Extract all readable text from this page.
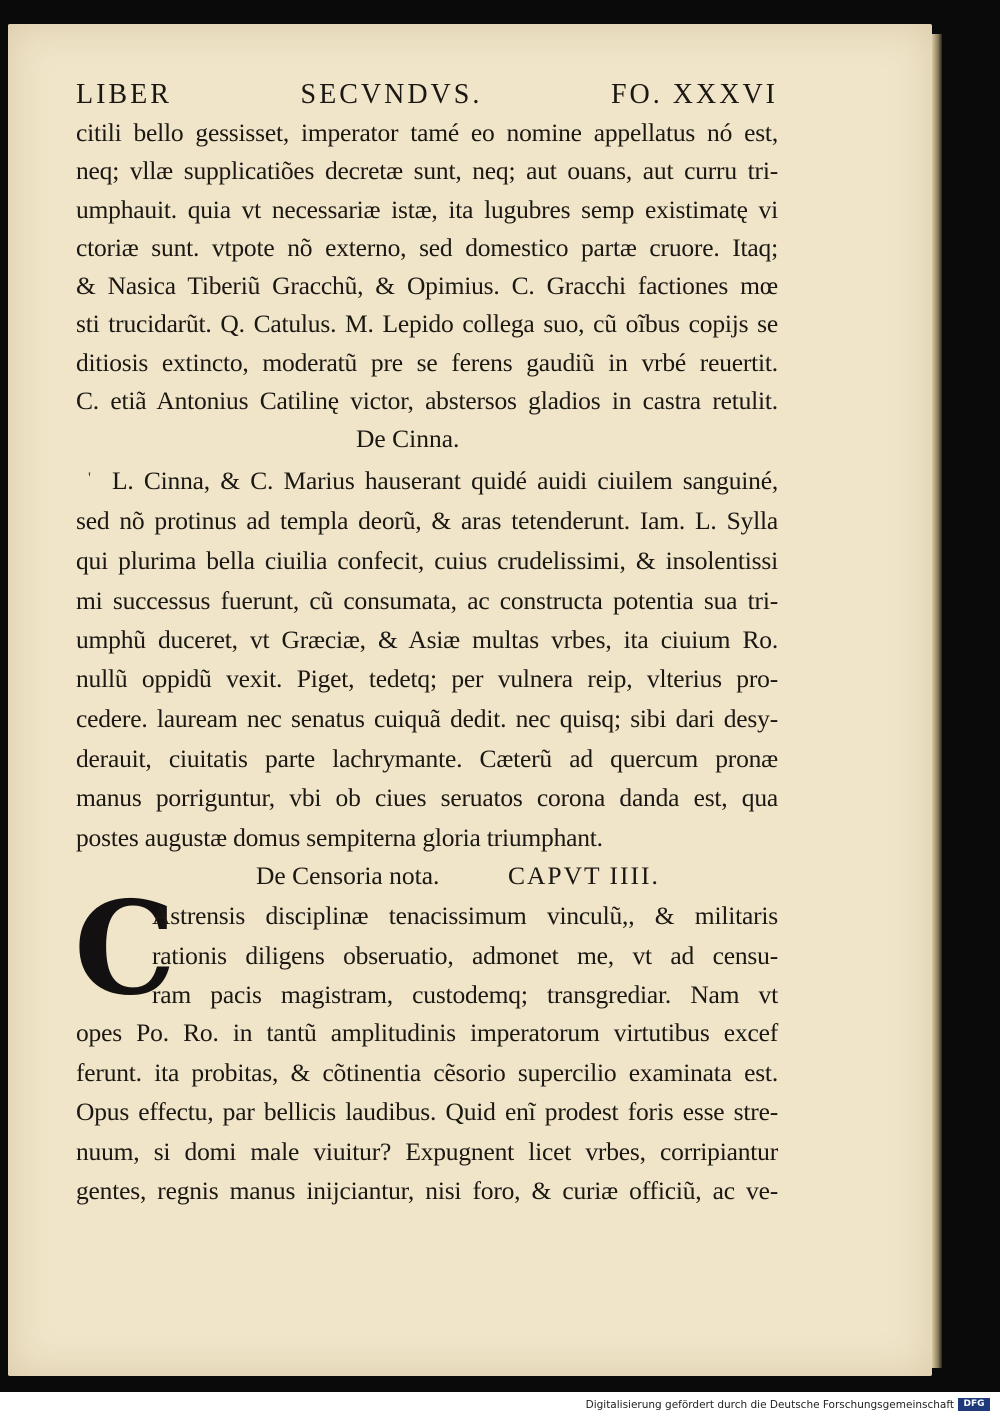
LIBER	SECVNDVS.	FO. XXXVI
citili bello gessisset, imperator tamé eo nomine appellatus nó est,
neq; vllæ supplicatiões decretæ sunt, neq; aut ouans, aut curru tri-
umphauit. quia vt necessariæ istæ, ita lugubres semp existimatę vi
ctoriæ sunt. vtpote nõ externo, sed domestico partæ cruore. Itaq;
& Nasica Tiberiũ Gracchũ, & Opimius. C. Gracchi factiones mœ
sti trucidarũt. Q. Catulus. M. Lepido collega suo, cũ oĩbus copijs se
ditiosis extincto, moderatũ pre se ferens gaudiũ in vrbé reuertit.
C. etiã Antonius Catilinę victor, abstersos gladios in castra retulit.
De Cinna.
' L. Cinna, & C. Marius hauserant quidé auidi ciuilem sanguiné,
sed nõ protinus ad templa deorũ, & aras tetenderunt. Iam. L. Sylla
qui plurima bella ciuilia confecit, cuius crudelissimi, & insolentissi
mi successus fuerunt, cũ consumata, ac constructa potentia sua tri-
umphũ duceret, vt Græciæ, & Asiæ multas vrbes, ita ciuium Ro.
nullũ oppidũ vexit. Piget, tedetq; per vulnera reip, vlterius pro-
cedere. lauream nec senatus cuiquã dedit. nec quisq; sibi dari desy-
derauit, ciuitatis parte lachrymante. Cæterũ ad quercum pronæ
manus porriguntur, vbi ob ciues seruatos corona danda est, qua
postes augustæ domus sempiterna gloria triumphant.
De Censoria nota.	CAPVT IIII.
C
Astrensis disciplinæ tenacissimum vinculũ,, & militaris
rationis diligens obseruatio, admonet me, vt ad censu-
ram pacis magistram, custodemq; transgrediar. Nam vt
opes Po. Ro. in tantũ amplitudinis imperatorum virtutibus excef
ferunt. ita probitas, & cõtinentia cẽsorio supercilio examinata est.
Opus effectu, par bellicis laudibus. Quid enĩ prodest foris esse stre-
nuum, si domi male viuitur? Expugnent licet vrbes, corripiantur
gentes, regnis manus inijciantur, nisi foro, & curiæ officiũ, ac ve-
Digitalisierung gefördert durch die Deutsche Forschungsgemeinschaft	DFG
